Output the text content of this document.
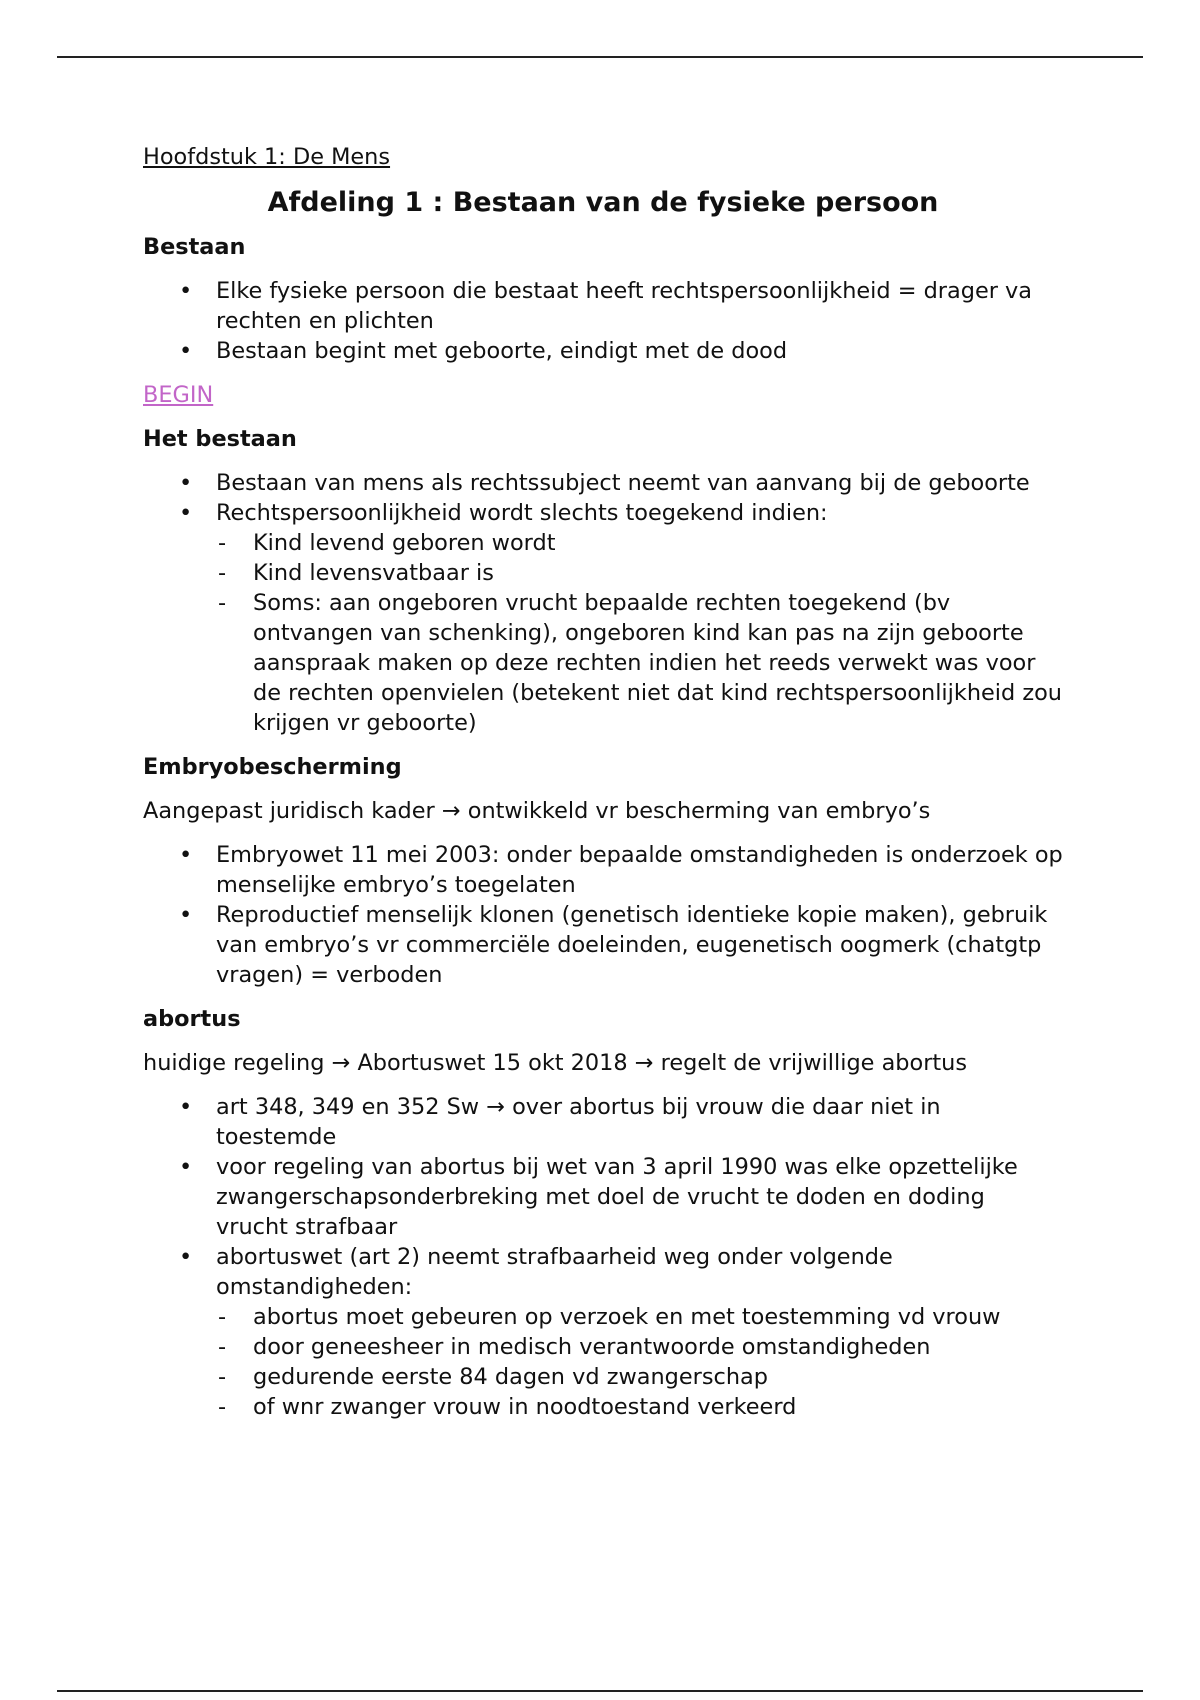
Hoofdstuk 1: De Mens

Afdeling 1 : Bestaan van de fysieke persoon
Bestaan
• Elke fysieke persoon die bestaat heeft rechtspersoonlijkheid = drager va rechten en plichten
• Bestaan begint met geboorte, eindigt met de dood
BEGIN
Het bestaan
• Bestaan van mens als rechtssubject neemt van aanvang bij de geboorte
• Rechtspersoonlijkheid wordt slechts toegekend indien:
- Kind levend geboren wordt
- Kind levensvatbaar is
- Soms: aan ongeboren vrucht bepaalde rechten toegekend (bv ontvangen van schenking), ongeboren kind kan pas na zijn geboorte aanspraak maken op deze rechten indien het reeds verwekt was voor de rechten openvielen (betekent niet dat kind rechtspersoonlijkheid zou krijgen vr geboorte)
Embryobescherming

Aangepast juridisch kader → ontwikkeld vr bescherming van embryo’s

• Embryowet 11 mei 2003: onder bepaalde omstandigheden is onderzoek op menselijke embryo’s toegelaten
• Reproductief menselijk klonen (genetisch identieke kopie maken), gebruik van embryo’s vr commerciële doeleinden, eugenetisch oogmerk (chatgtp vragen) = verboden
abortus

huidige regeling → Abortuswet 15 okt 2018 → regelt de vrijwillige abortus

• art 348, 349 en 352 Sw → over abortus bij vrouw die daar niet in toestemde
• voor regeling van abortus bij wet van 3 april 1990 was elke opzettelijke zwangerschapsonderbreking met doel de vrucht te doden en doding vrucht strafbaar
• abortuswet (art 2) neemt strafbaarheid weg onder volgende omstandigheden:
- abortus moet gebeuren op verzoek en met toestemming vd vrouw
- door geneesheer in medisch verantwoorde omstandigheden
- gedurende eerste 84 dagen vd zwangerschap
- of wnr zwanger vrouw in noodtoestand verkeerd
